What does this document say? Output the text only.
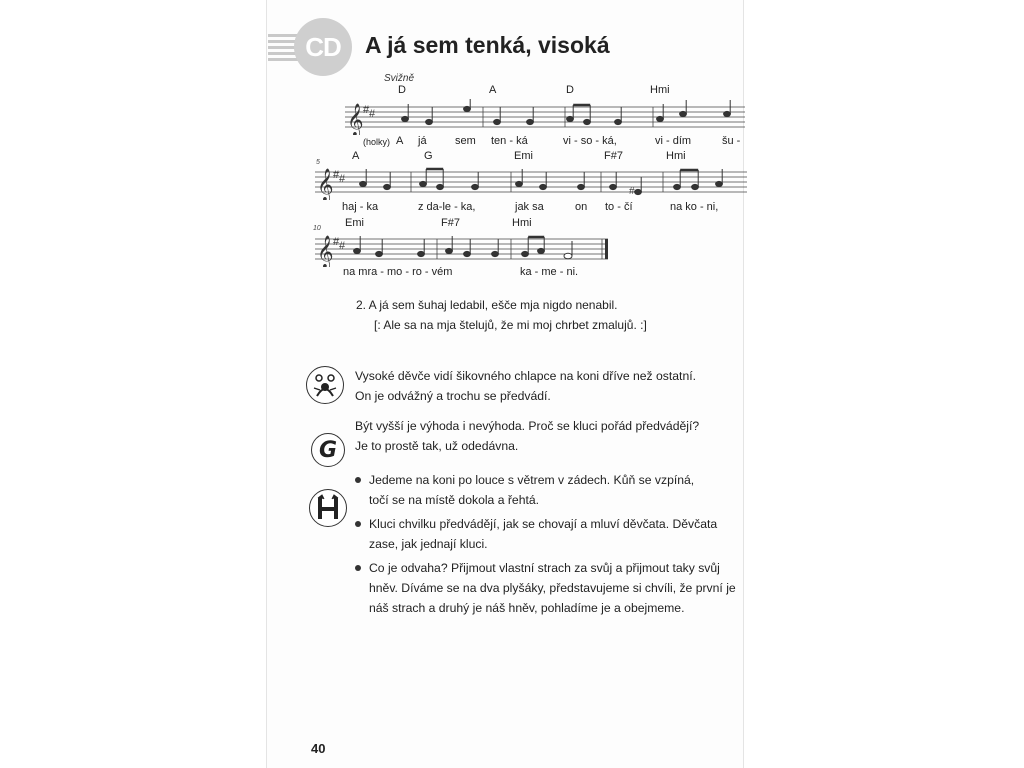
CD	A já sem tenká, visoká
Svižně
D	A	D	Hmi
𝄞 # #
(holky) A já	sem ten - ká	vi - so - ká,	vi - dím	šu -
5
A	G	Emi	F#7	Hmi
𝄞 # #
#
haj - ka	z da-le - ka,	jak sa	on to - čí	na ko - ni,
10 Emi	F#7	Hmi
𝄞 # #
na mra - mo - ro - vém	ka - me - ni.
2. A já sem šuhaj ledabil, ešče mja nigdo nenabil.
[: Ale sa na mja štelujů, že mi moj chrbet zmalujů. :]
G
Vysoké děvče vidí šikovného chlapce na koni dříve než ostatní.
On je odvážný a trochu se předvádí.
Být vyšší je výhoda i nevýhoda. Proč se kluci pořád předvádějí?
Je to prostě tak, už odedávna.
Jedeme na koni po louce s větrem v zádech. Kůň se vzpíná, točí se na místě dokola a řehtá.
Kluci chvilku předvádějí, jak se chovají a mluví děvčata. Děvčata zase, jak jednají kluci.
Co je odvaha? Přijmout vlastní strach za svůj a přijmout taky svůj hněv. Díváme se na dva plyšáky, představujeme si chvíli, že první je náš strach a druhý je náš hněv, pohladíme je a obejmeme.
40
